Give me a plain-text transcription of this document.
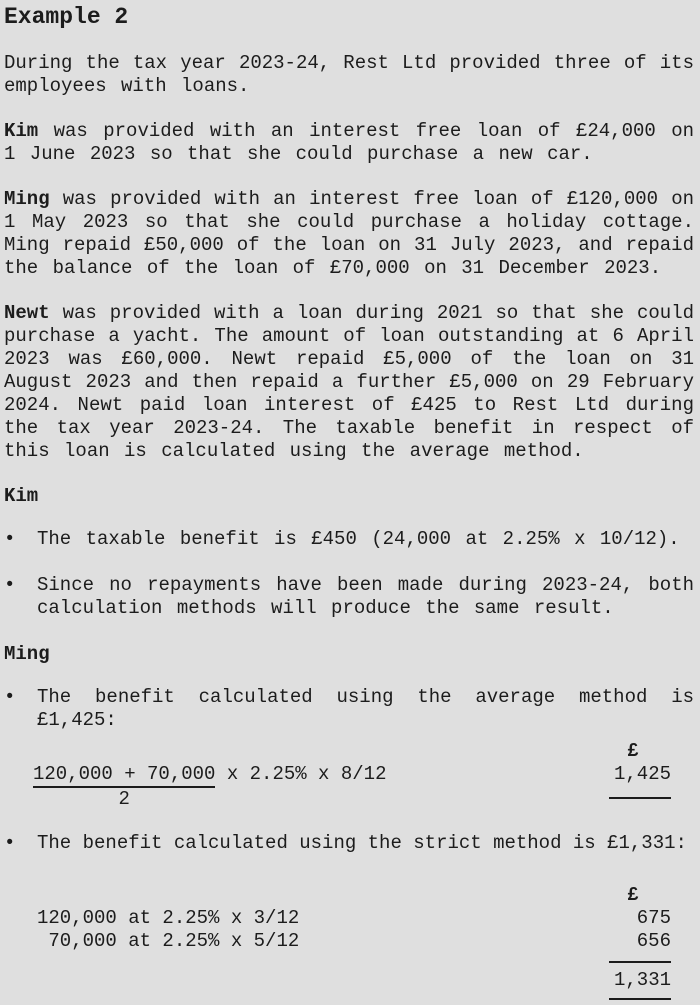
Example 2
During the tax year 2023-24, Rest Ltd provided three of its
employees with loans.
Kim was provided with an interest free loan of £24,000 on
1 June 2023 so that she could purchase a new car.
Ming was provided with an interest free loan of £120,000 on
1 May 2023 so that she could purchase a holiday cottage.
Ming repaid £50,000 of the loan on 31 July 2023, and repaid
the balance of the loan of £70,000 on 31 December 2023.
Newt was provided with a loan during 2021 so that she could
purchase a yacht. The amount of loan outstanding at 6 April
2023 was £60,000. Newt repaid £5,000 of the loan on 31
August 2023 and then repaid a further £5,000 on 29 February
2024. Newt paid loan interest of £425 to Rest Ltd during
the tax year 2023-24. The taxable benefit in respect of
this loan is calculated using the average method.
Kim
•	The taxable benefit is £450 (24,000 at 2.25% x 10/12).
•	Since no repayments have been made during 2023-24, both
calculation methods will produce the same result.
Ming
•	The benefit calculated using the average method is
£1,425:
£
$\frac{120,000 + 70,000}{2}$ x 2.25% x 8/12	1,425
•	The benefit calculated using the strict method is £1,331:
£
120,000 at 2.25% x 3/12	675
70,000 at 2.25% x 5/12	656
1,331
